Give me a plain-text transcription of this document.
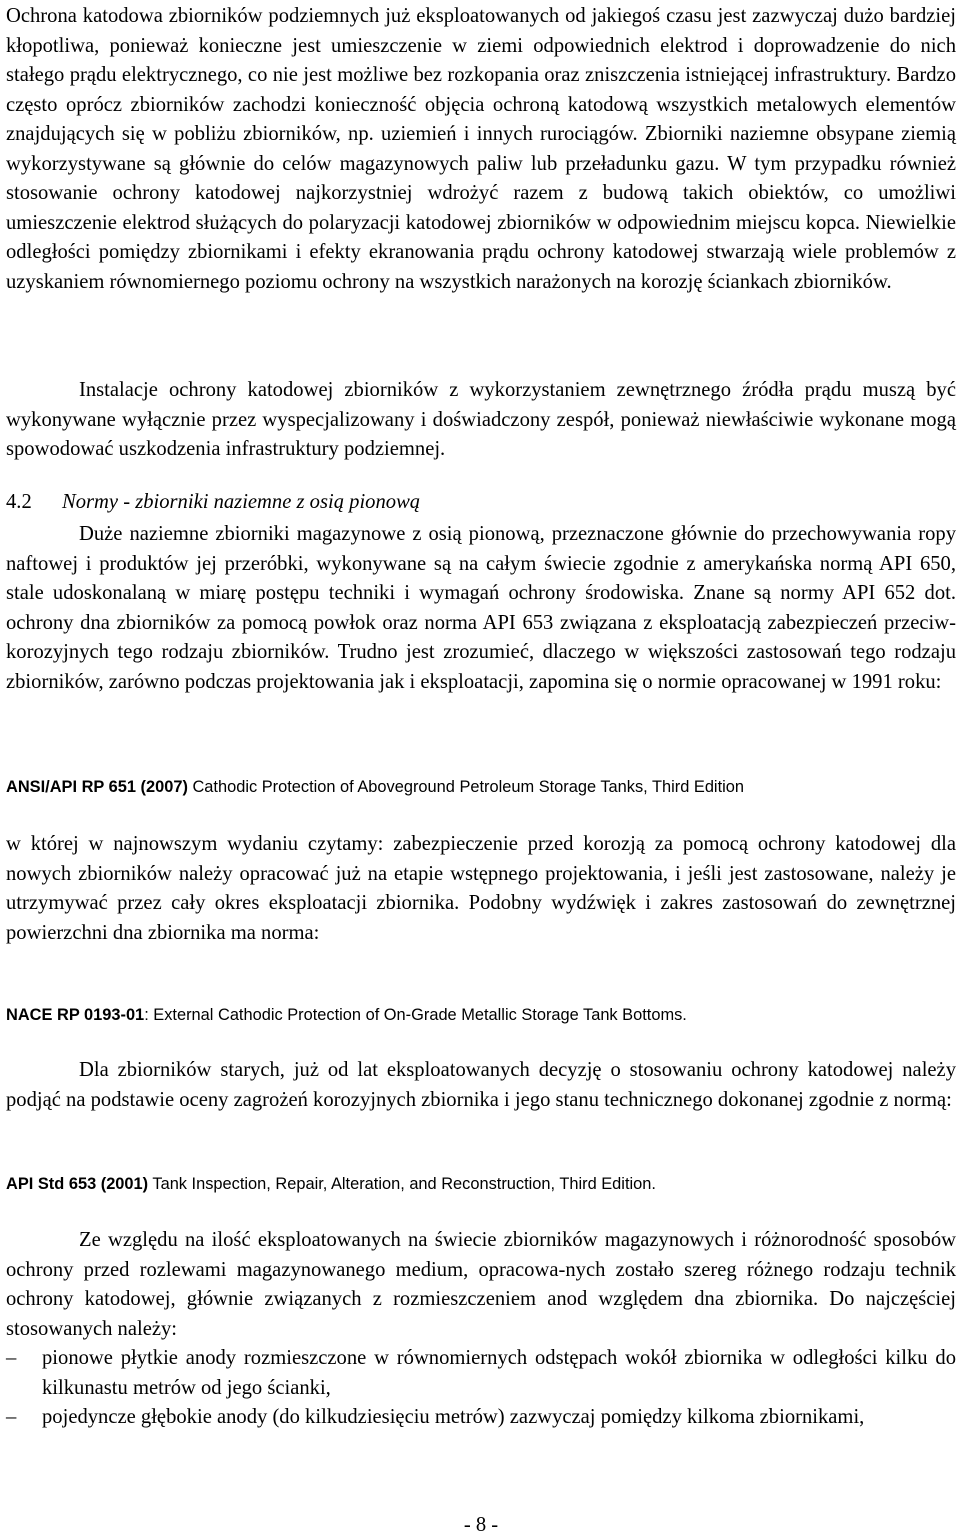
Ochrona katodowa zbiorników podziemnych już eksploatowanych od jakiegoś czasu jest zazwyczaj dużo bardziej kłopotliwa, ponieważ konieczne jest umieszczenie w ziemi odpowiednich elektrod i doprowadzenie do nich stałego prądu elektrycznego, co nie jest możliwe bez rozkopania oraz zniszczenia istniejącej infrastruktury. Bardzo często oprócz zbiorników zachodzi konieczność objęcia ochroną katodową wszystkich metalowych elementów znajdujących się w pobliżu zbiorników, np. uziemień i innych rurociągów. Zbiorniki naziemne obsypane ziemią wykorzystywane są głównie do celów magazynowych paliw lub przeładunku gazu. W tym przypadku również stosowanie ochrony katodowej najkorzystniej wdrożyć razem z budową takich obiektów, co umożliwi umieszczenie elektrod służących do polaryzacji katodowej zbiorników w odpowiednim miejscu kopca. Niewielkie odległości pomiędzy zbiornikami i efekty ekranowania prądu ochrony katodowej stwarzają wiele problemów z uzyskaniem równomiernego poziomu ochrony na wszystkich narażonych na korozję ściankach zbiorników.

Instalacje ochrony katodowej zbiorników z wykorzystaniem zewnętrznego źródła prądu muszą być wykonywane wyłącznie przez wyspecjalizowany i doświadczony zespół, ponieważ niewłaściwie wykonane mogą spowodować uszkodzenia infrastruktury podziemnej.

4.2 Normy - zbiorniki naziemne z osią pionową

Duże naziemne zbiorniki magazynowe z osią pionową, przeznaczone głównie do przechowywania ropy naftowej i produktów jej przeróbki, wykonywane są na całym świecie zgodnie z amerykańska normą API 650, stale udoskonalaną w miarę postępu techniki i wymagań ochrony środowiska. Znane są normy API 652 dot. ochrony dna zbiorników za pomocą powłok oraz norma API 653 związana z eksploatacją zabezpieczeń przeciw-korozyjnych tego rodzaju zbiorników. Trudno jest zrozumieć, dlaczego w większości zastosowań tego rodzaju zbiorników, zarówno podczas projektowania jak i eksploatacji, zapomina się o normie opracowanej w 1991 roku:

ANSI/API RP 651 (2007) Cathodic Protection of Aboveground Petroleum Storage Tanks, Third Edition

w której w najnowszym wydaniu czytamy: zabezpieczenie przed korozją za pomocą ochrony katodowej dla nowych zbiorników należy opracować już na etapie wstępnego projektowania, i jeśli jest zastosowane, należy je utrzymywać przez cały okres eksploatacji zbiornika. Podobny wydźwięk i zakres zastosowań do zewnętrznej powierzchni dna zbiornika ma norma:

NACE RP 0193-01: External Cathodic Protection of On-Grade Metallic Storage Tank Bottoms.

Dla zbiorników starych, już od lat eksploatowanych decyzję o stosowaniu ochrony katodowej należy podjąć na podstawie oceny zagrożeń korozyjnych zbiornika i jego stanu technicznego dokonanej zgodnie z normą:

API Std 653 (2001) Tank Inspection, Repair, Alteration, and Reconstruction, Third Edition.

Ze względu na ilość eksploatowanych na świecie zbiorników magazynowych i różnorodność sposobów ochrony przed rozlewami magazynowanego medium, opracowa-nych zostało szereg różnego rodzaju technik ochrony katodowej, głównie związanych z rozmieszczeniem anod względem dna zbiornika. Do najczęściej stosowanych należy:

– pionowe płytkie anody rozmieszczone w równomiernych odstępach wokół zbiornika w odległości kilku do kilkunastu metrów od jego ścianki,
– pojedyncze głębokie anody (do kilkudziesięciu metrów) zazwyczaj pomiędzy kilkoma zbiornikami,
- 8 -
